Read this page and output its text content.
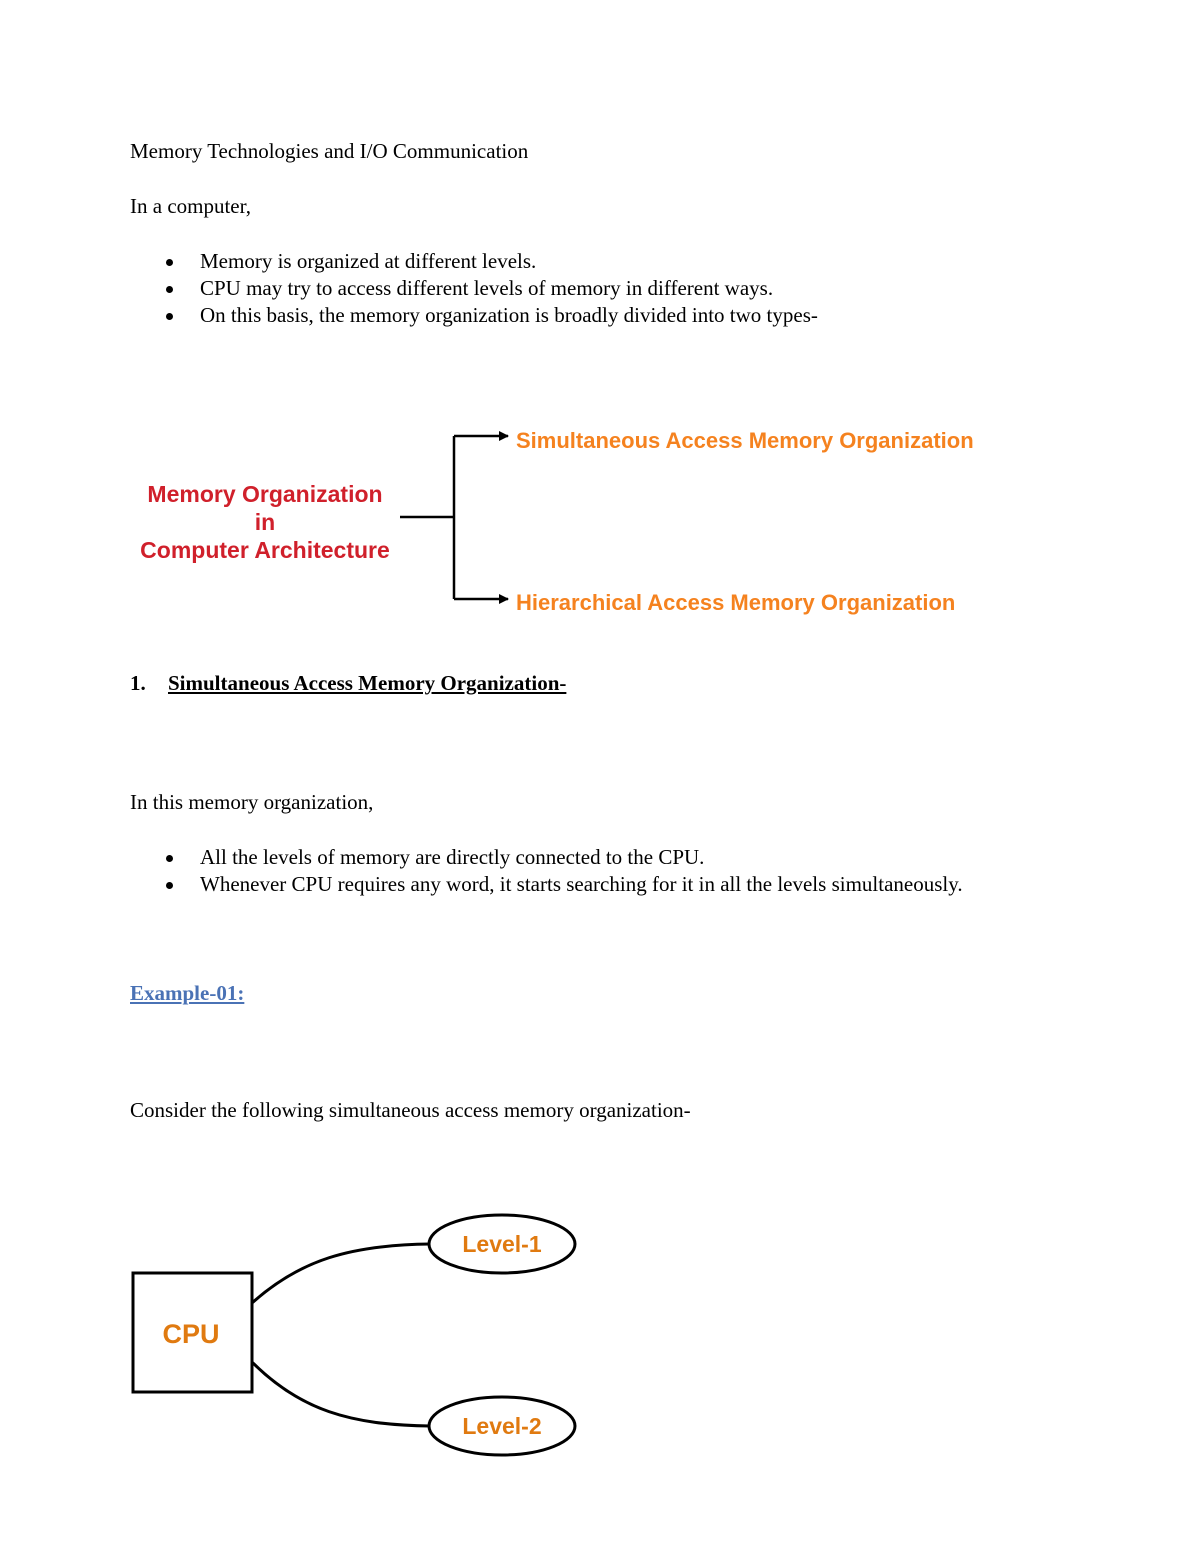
Memory Technologies and I/O Communication
In a computer,
Memory is organized at different levels.
CPU may try to access different levels of memory in different ways.
On this basis, the memory organization is broadly divided into two types-
Memory Organization
in
Computer Architecture
Simultaneous Access Memory Organization
Hierarchical Access Memory Organization
1. Simultaneous Access Memory Organization-
In this memory organization,
All the levels of memory are directly connected to the CPU.
Whenever CPU requires any word, it starts searching for it in all the levels simultaneously.
Example-01:
Consider the following simultaneous access memory organization-
CPU
Level-1
Level-2
